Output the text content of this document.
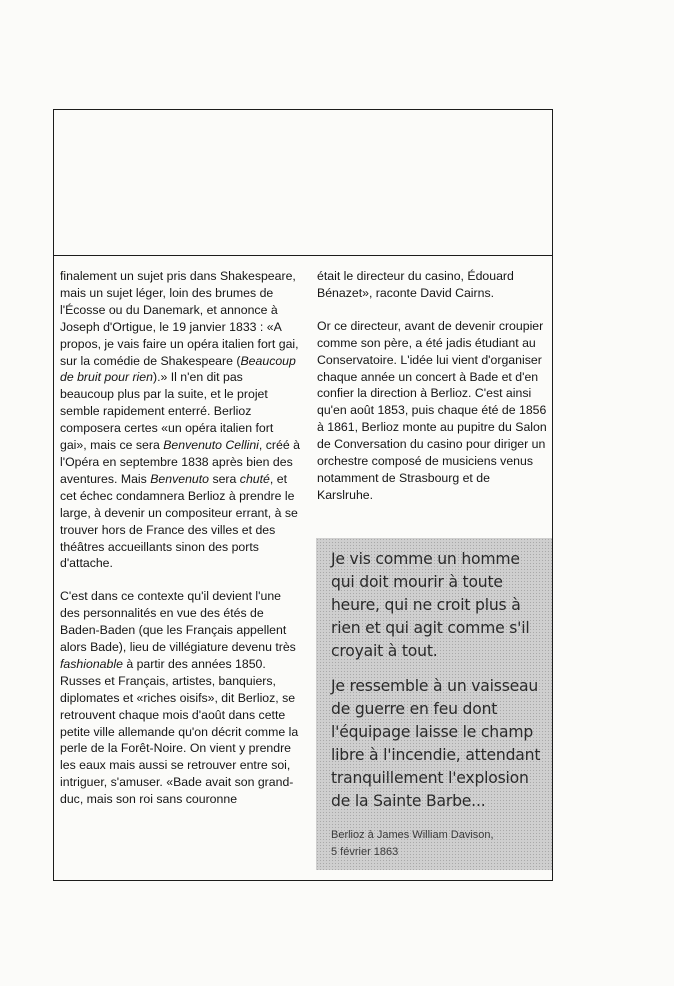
finalement un sujet pris dans Shakespeare, mais un sujet léger, loin des brumes de l'Écosse ou du Danemark, et annonce à Joseph d'Ortigue, le 19 janvier 1833 : «A propos, je vais faire un opéra italien fort gai, sur la comédie de Shakespeare (Beaucoup de bruit pour rien).» Il n'en dit pas beaucoup plus par la suite, et le projet semble rapidement enterré. Berlioz composera certes «un opéra italien fort gai», mais ce sera Benvenuto Cellini, créé à l'Opéra en septembre 1838 après bien des aventures. Mais Benvenuto sera chuté, et cet échec condamnera Berlioz à prendre le large, à devenir un compositeur errant, à se trouver hors de France des villes et des théâtres accueillants sinon des ports d'attache.

C'est dans ce contexte qu'il devient l'une des personnalités en vue des étés de Baden-Baden (que les Français appellent alors Bade), lieu de villégiature devenu très fashionable à partir des années 1850. Russes et Français, artistes, banquiers, diplomates et «riches oisifs», dit Berlioz, se retrouvent chaque mois d'août dans cette petite ville allemande qu'on décrit comme la perle de la Forêt-Noire. On vient y prendre les eaux mais aussi se retrouver entre soi, intriguer, s'amuser. «Bade avait son grand-duc, mais son roi sans couronne

était le directeur du casino, Édouard Bénazet», raconte David Cairns.

Or ce directeur, avant de devenir croupier comme son père, a été jadis étudiant au Conservatoire. L'idée lui vient d'organiser chaque année un concert à Bade et d'en confier la direction à Berlioz. C'est ainsi qu'en août 1853, puis chaque été de 1856 à 1861, Berlioz monte au pupitre du Salon de Conversation du casino pour diriger un orchestre composé de musiciens venus notamment de Strasbourg et de Karslruhe.

Je vis comme un homme qui doit mourir à toute heure, qui ne croit plus à rien et qui agit comme s'il croyait à tout.

Je ressemble à un vaisseau de guerre en feu dont l'équipage laisse le champ libre à l'incendie, attendant tranquillement l'explosion de la Sainte Barbe...

Berlioz à James William Davison,
5 février 1863
